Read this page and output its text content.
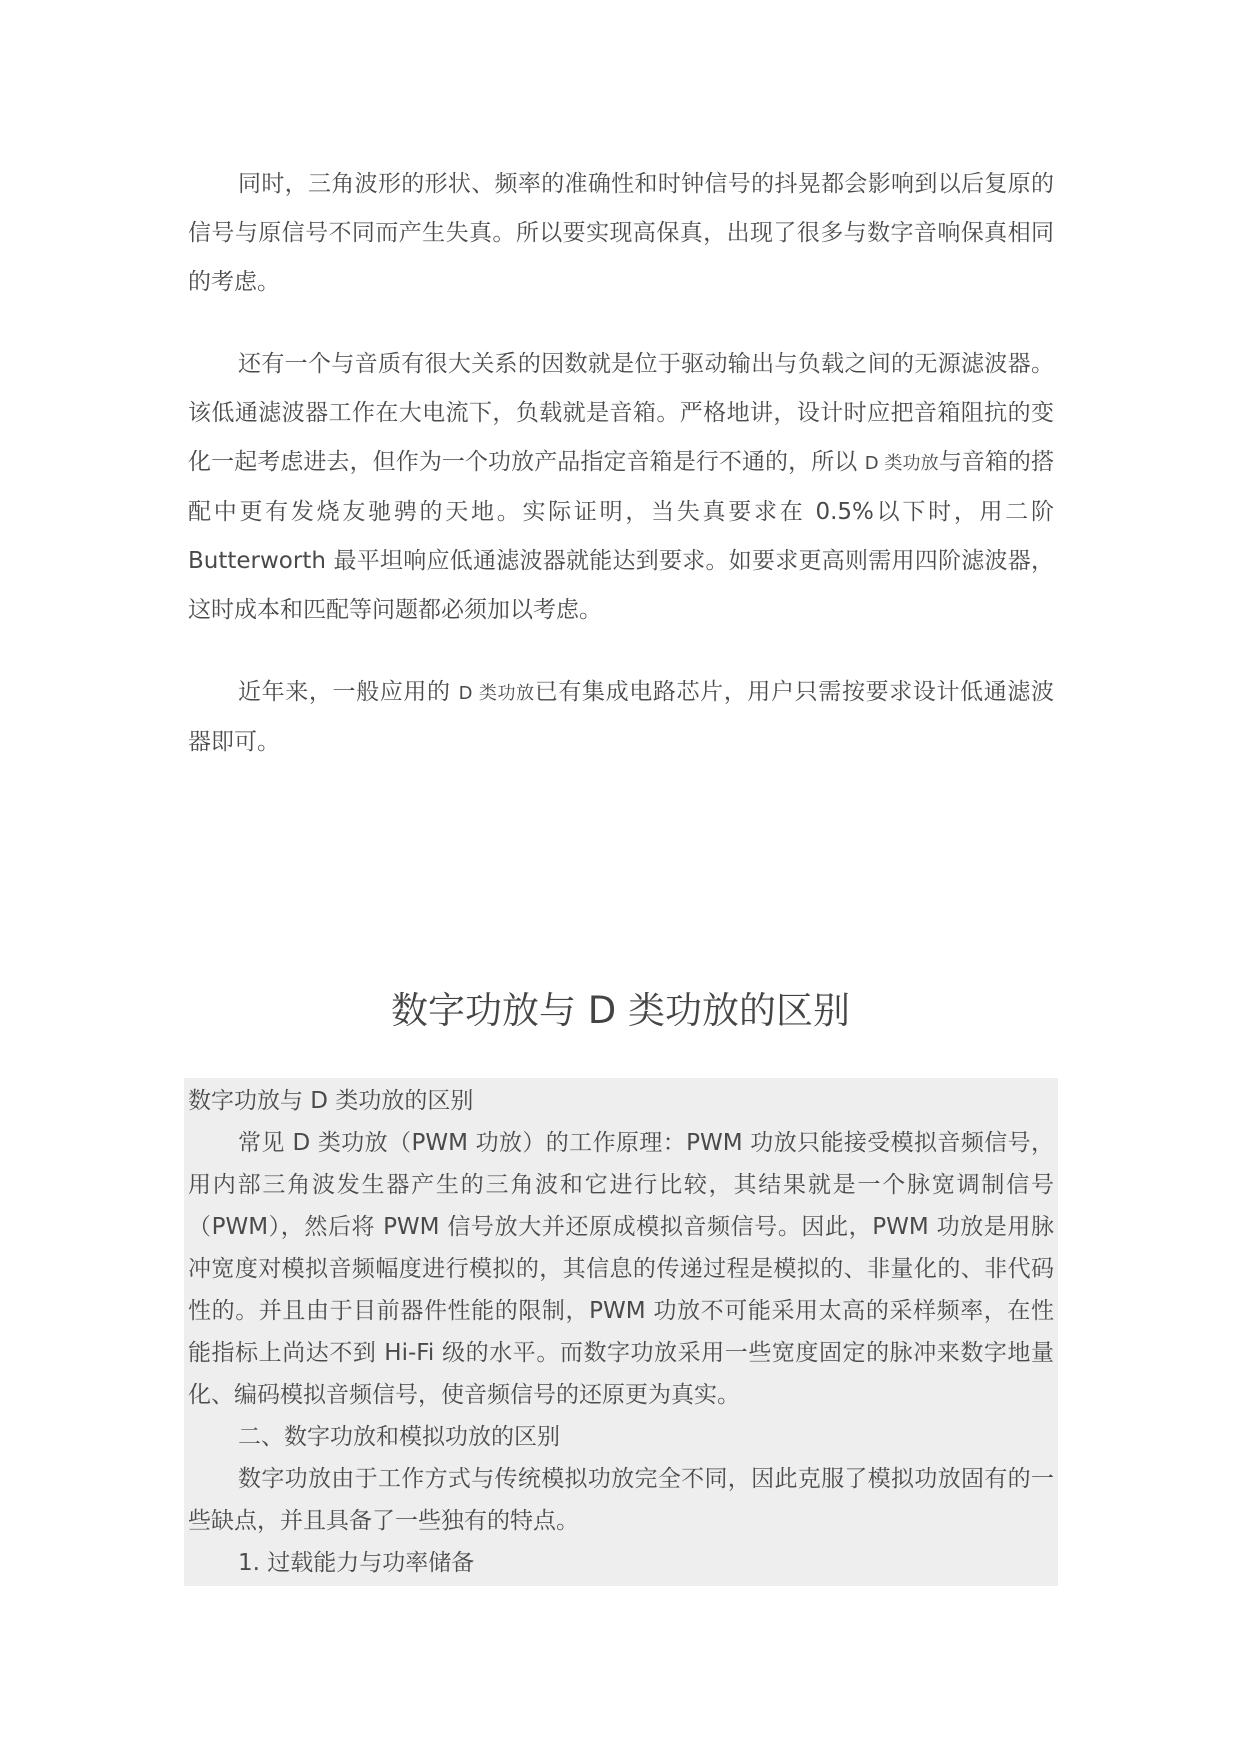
同时，三角波形的形状、频率的准确性和时钟信号的抖晃都会影响到以后复原的信号与原信号不同而产生失真。所以要实现高保真，出现了很多与数字音响保真相同的考虑。

还有一个与音质有很大关系的因数就是位于驱动输出与负载之间的无源滤波器。该低通滤波器工作在大电流下，负载就是音箱。严格地讲，设计时应把音箱阻抗的变化一起考虑进去，但作为一个功放产品指定音箱是行不通的，所以 D 类功放与音箱的搭配中更有发烧友驰骋的天地。实际证明，当失真要求在 0.5%以下时，用二阶 Butterworth 最平坦响应低通滤波器就能达到要求。如要求更高则需用四阶滤波器，这时成本和匹配等问题都必须加以考虑。

近年来，一般应用的 D 类功放已有集成电路芯片，用户只需按要求设计低通滤波器即可。

数字功放与 D 类功放的区别

数字功放与 D 类功放的区别

常见 D 类功放（PWM 功放）的工作原理：PWM 功放只能接受模拟音频信号，用内部三角波发生器产生的三角波和它进行比较，其结果就是一个脉宽调制信号（PWM），然后将 PWM 信号放大并还原成模拟音频信号。因此，PWM 功放是用脉冲宽度对模拟音频幅度进行模拟的，其信息的传递过程是模拟的、非量化的、非代码性的。并且由于目前器件性能的限制，PWM 功放不可能采用太高的采样频率，在性能指标上尚达不到 Hi-Fi 级的水平。而数字功放采用一些宽度固定的脉冲来数字地量化、编码模拟音频信号，使音频信号的还原更为真实。

二、数字功放和模拟功放的区别

数字功放由于工作方式与传统模拟功放完全不同，因此克服了模拟功放固有的一些缺点，并且具备了一些独有的特点。

1. 过载能力与功率储备
